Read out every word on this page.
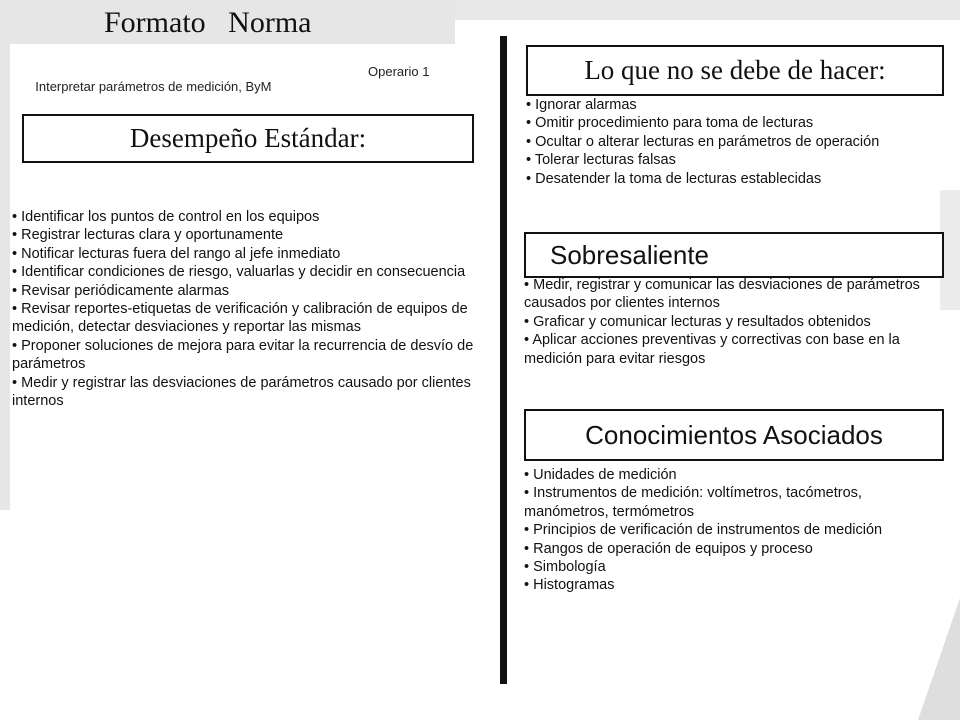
Formato   Norma

Interpretar parámetros de medición, ByM

Operario 1

Desempeño Estándar:
• Identificar los puntos de control en los equipos
• Registrar lecturas clara y oportunamente
• Notificar lecturas fuera del rango al jefe inmediato
• Identificar condiciones de riesgo, valuarlas y decidir en consecuencia
• Revisar periódicamente alarmas
• Revisar reportes-etiquetas de verificación y calibración de equipos de medición, detectar desviaciones y reportar las mismas
• Proponer soluciones de mejora para evitar la recurrencia de desvío de parámetros
• Medir y registrar las desviaciones de parámetros causado por clientes internos
Lo que no se debe de hacer:
• Ignorar alarmas
• Omitir procedimiento para toma de lecturas
• Ocultar o alterar lecturas en parámetros de operación
• Tolerar lecturas falsas
• Desatender la toma de lecturas establecidas
Sobresaliente
• Medir, registrar y comunicar las desviaciones de parámetros causados por clientes internos
• Graficar y comunicar lecturas y resultados obtenidos
• Aplicar acciones preventivas y correctivas con base en la medición para evitar riesgos
Conocimientos Asociados
• Unidades de medición
• Instrumentos de medición: voltímetros, tacómetros, manómetros, termómetros
• Principios de verificación de instrumentos de medición
• Rangos de operación de equipos y proceso
• Simbología
• Histogramas
